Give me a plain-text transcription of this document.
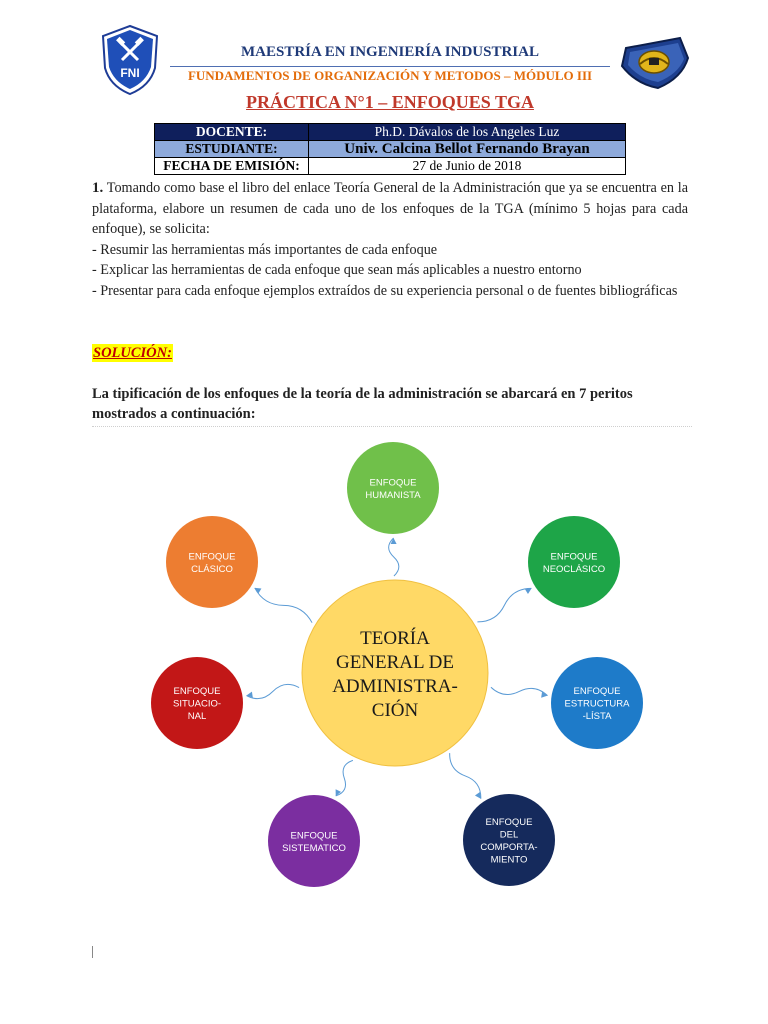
FNI
MAESTRÍA EN INGENIERÍA INDUSTRIAL
FUNDAMENTOS DE ORGANIZACIÓN Y METODOS – MÓDULO III
PRÁCTICA N°1 – ENFOQUES TGA
DOCENTE:	Ph.D. Dávalos de los Angeles Luz
ESTUDIANTE:	Univ. Calcina Bellot Fernando Brayan
FECHA DE EMISIÓN:	27 de Junio de 2018

1. Tomando como base el libro del enlace Teoría General de la Administración que ya se encuentra en la plataforma, elabore un resumen de cada uno de los enfoques de la TGA (mínimo 5 hojas para cada enfoque), se solicita:

- Resumir las herramientas más importantes de cada enfoque

- Explicar las herramientas de cada enfoque que sean más aplicables a nuestro entorno

- Presentar para cada enfoque ejemplos extraídos de su experiencia personal o de fuentes bibliográficas

SOLUCIÓN:
La tipificación de los enfoques de la teoría de la administración se abarcará en 7 peritos mostrados a continuación:
ENFOQUE
HUMANISTA
ENFOQUE
NEOCLÁSICO
ENFOQUE
ESTRUCTURA
-LÍSTA
ENFOQUE
DEL
COMPORTA-
MIENTO
ENFOQUE
SISTEMATICO
ENFOQUE
SITUACIO-
NAL
ENFOQUE
CLÁSICO
TEORÍA
GENERAL DE
ADMINISTRA-
CIÓN
